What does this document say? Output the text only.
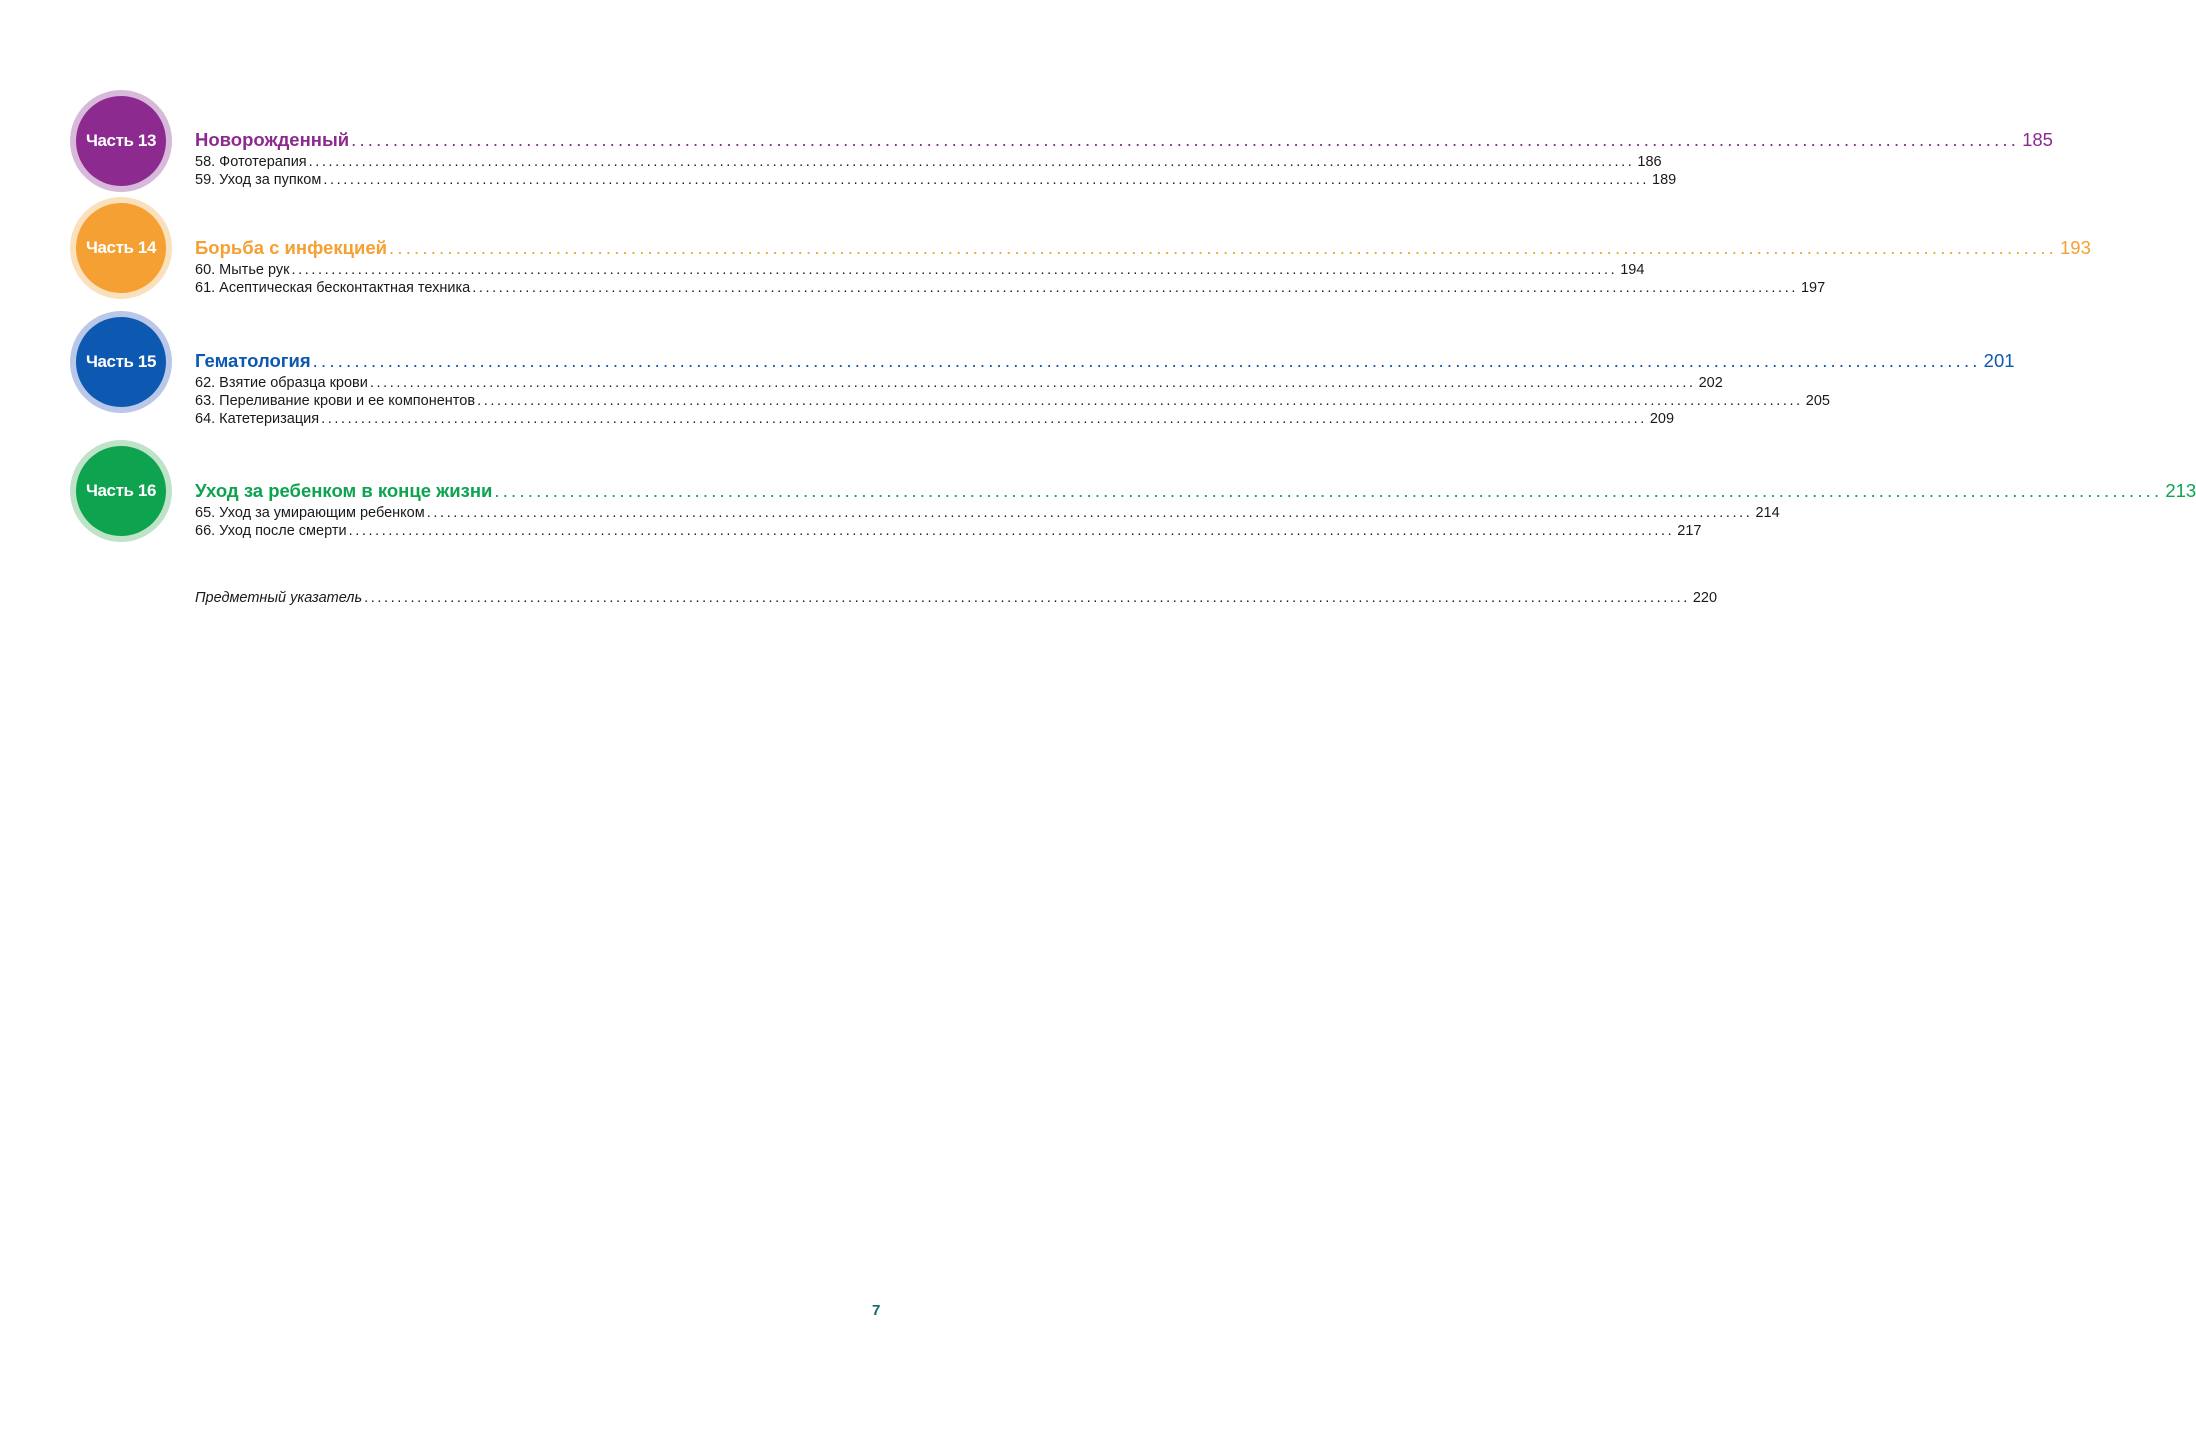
Часть 13 Новорожденный ........................................................................................................................................................................................................ 185
58. Фототерапия ........................................................................................................................................................................................................ 186
59. Уход за пупком ........................................................................................................................................................................................................ 189
Часть 14 Борьба с инфекцией ........................................................................................................................................................................................................ 193
60. Мытье рук ........................................................................................................................................................................................................ 194
61. Асептическая бесконтактная техника ........................................................................................................................................................................................................ 197
Часть 15 Гематология ........................................................................................................................................................................................................ 201
62. Взятие образца крови ........................................................................................................................................................................................................ 202
63. Переливание крови и ее компонентов ........................................................................................................................................................................................................ 205
64. Катетеризация ........................................................................................................................................................................................................ 209
Часть 16 Уход за ребенком в конце жизни ........................................................................................................................................................................................................ 213
65. Уход за умирающим ребенком ........................................................................................................................................................................................................ 214
66. Уход после смерти ........................................................................................................................................................................................................ 217
Предметный указатель ........................................................................................................................................................................................................ 220
7
